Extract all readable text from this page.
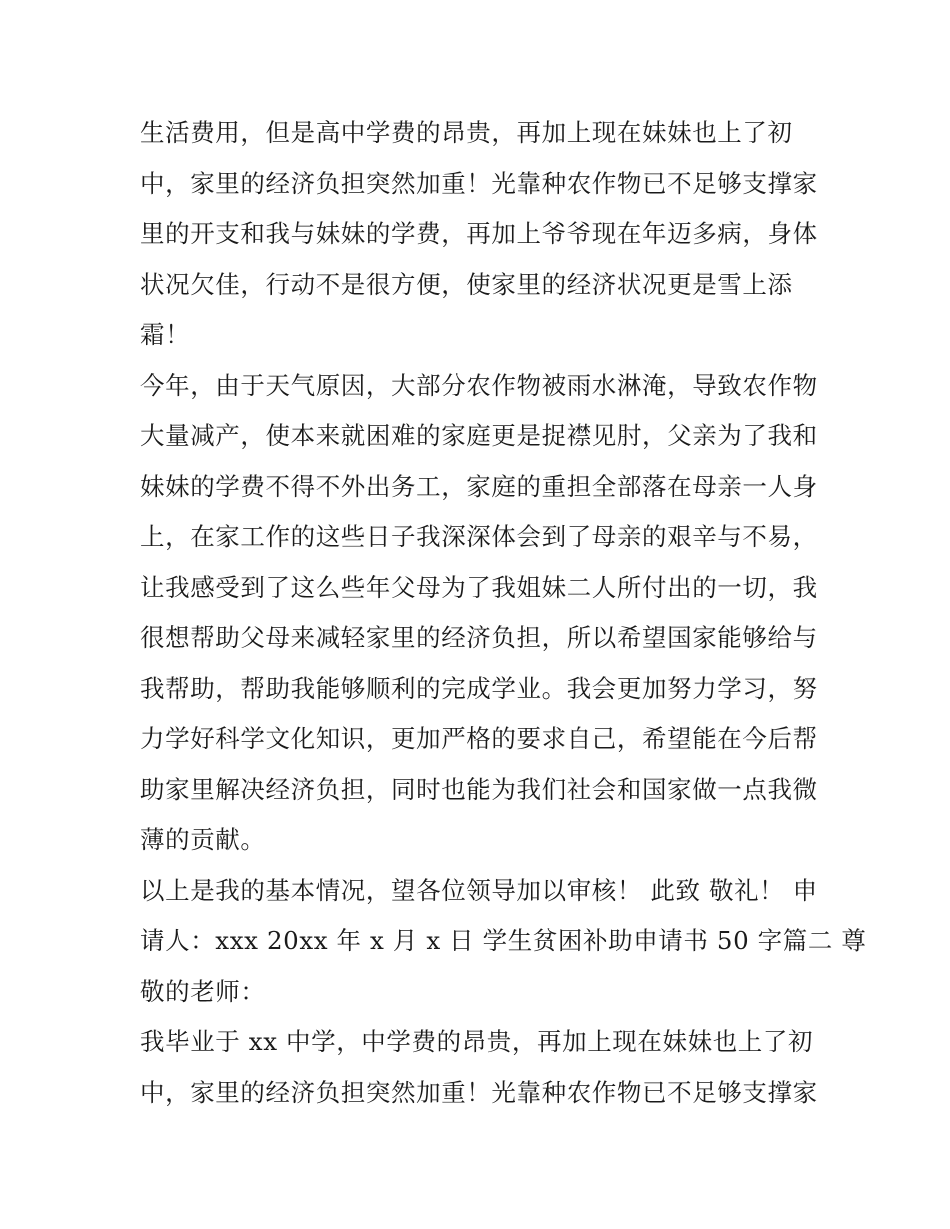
生活费用，但是高中学费的昂贵，再加上现在妹妹也上了初

中，家里的经济负担突然加重！光靠种农作物已不足够支撑家

里的开支和我与妹妹的学费，再加上爷爷现在年迈多病，身体

状况欠佳，行动不是很方便，使家里的经济状况更是雪上添

霜！

今年，由于天气原因，大部分农作物被雨水淋淹，导致农作物

大量减产，使本来就困难的家庭更是捉襟见肘，父亲为了我和

妹妹的学费不得不外出务工，家庭的重担全部落在母亲一人身

上，在家工作的这些日子我深深体会到了母亲的艰辛与不易，

让我感受到了这么些年父母为了我姐妹二人所付出的一切，我

很想帮助父母来减轻家里的经济负担，所以希望国家能够给与

我帮助，帮助我能够顺利的完成学业。我会更加努力学习，努

力学好科学文化知识，更加严格的要求自己，希望能在今后帮

助家里解决经济负担，同时也能为我们社会和国家做一点我微

薄的贡献。

以上是我的基本情况，望各位领导加以审核！ 此致 敬礼！ 申

请人：xxx 20xx 年 x 月 x 日 学生贫困补助申请书 50 字篇二 尊

敬的老师：

我毕业于 xx 中学，中学费的昂贵，再加上现在妹妹也上了初

中，家里的经济负担突然加重！光靠种农作物已不足够支撑家
